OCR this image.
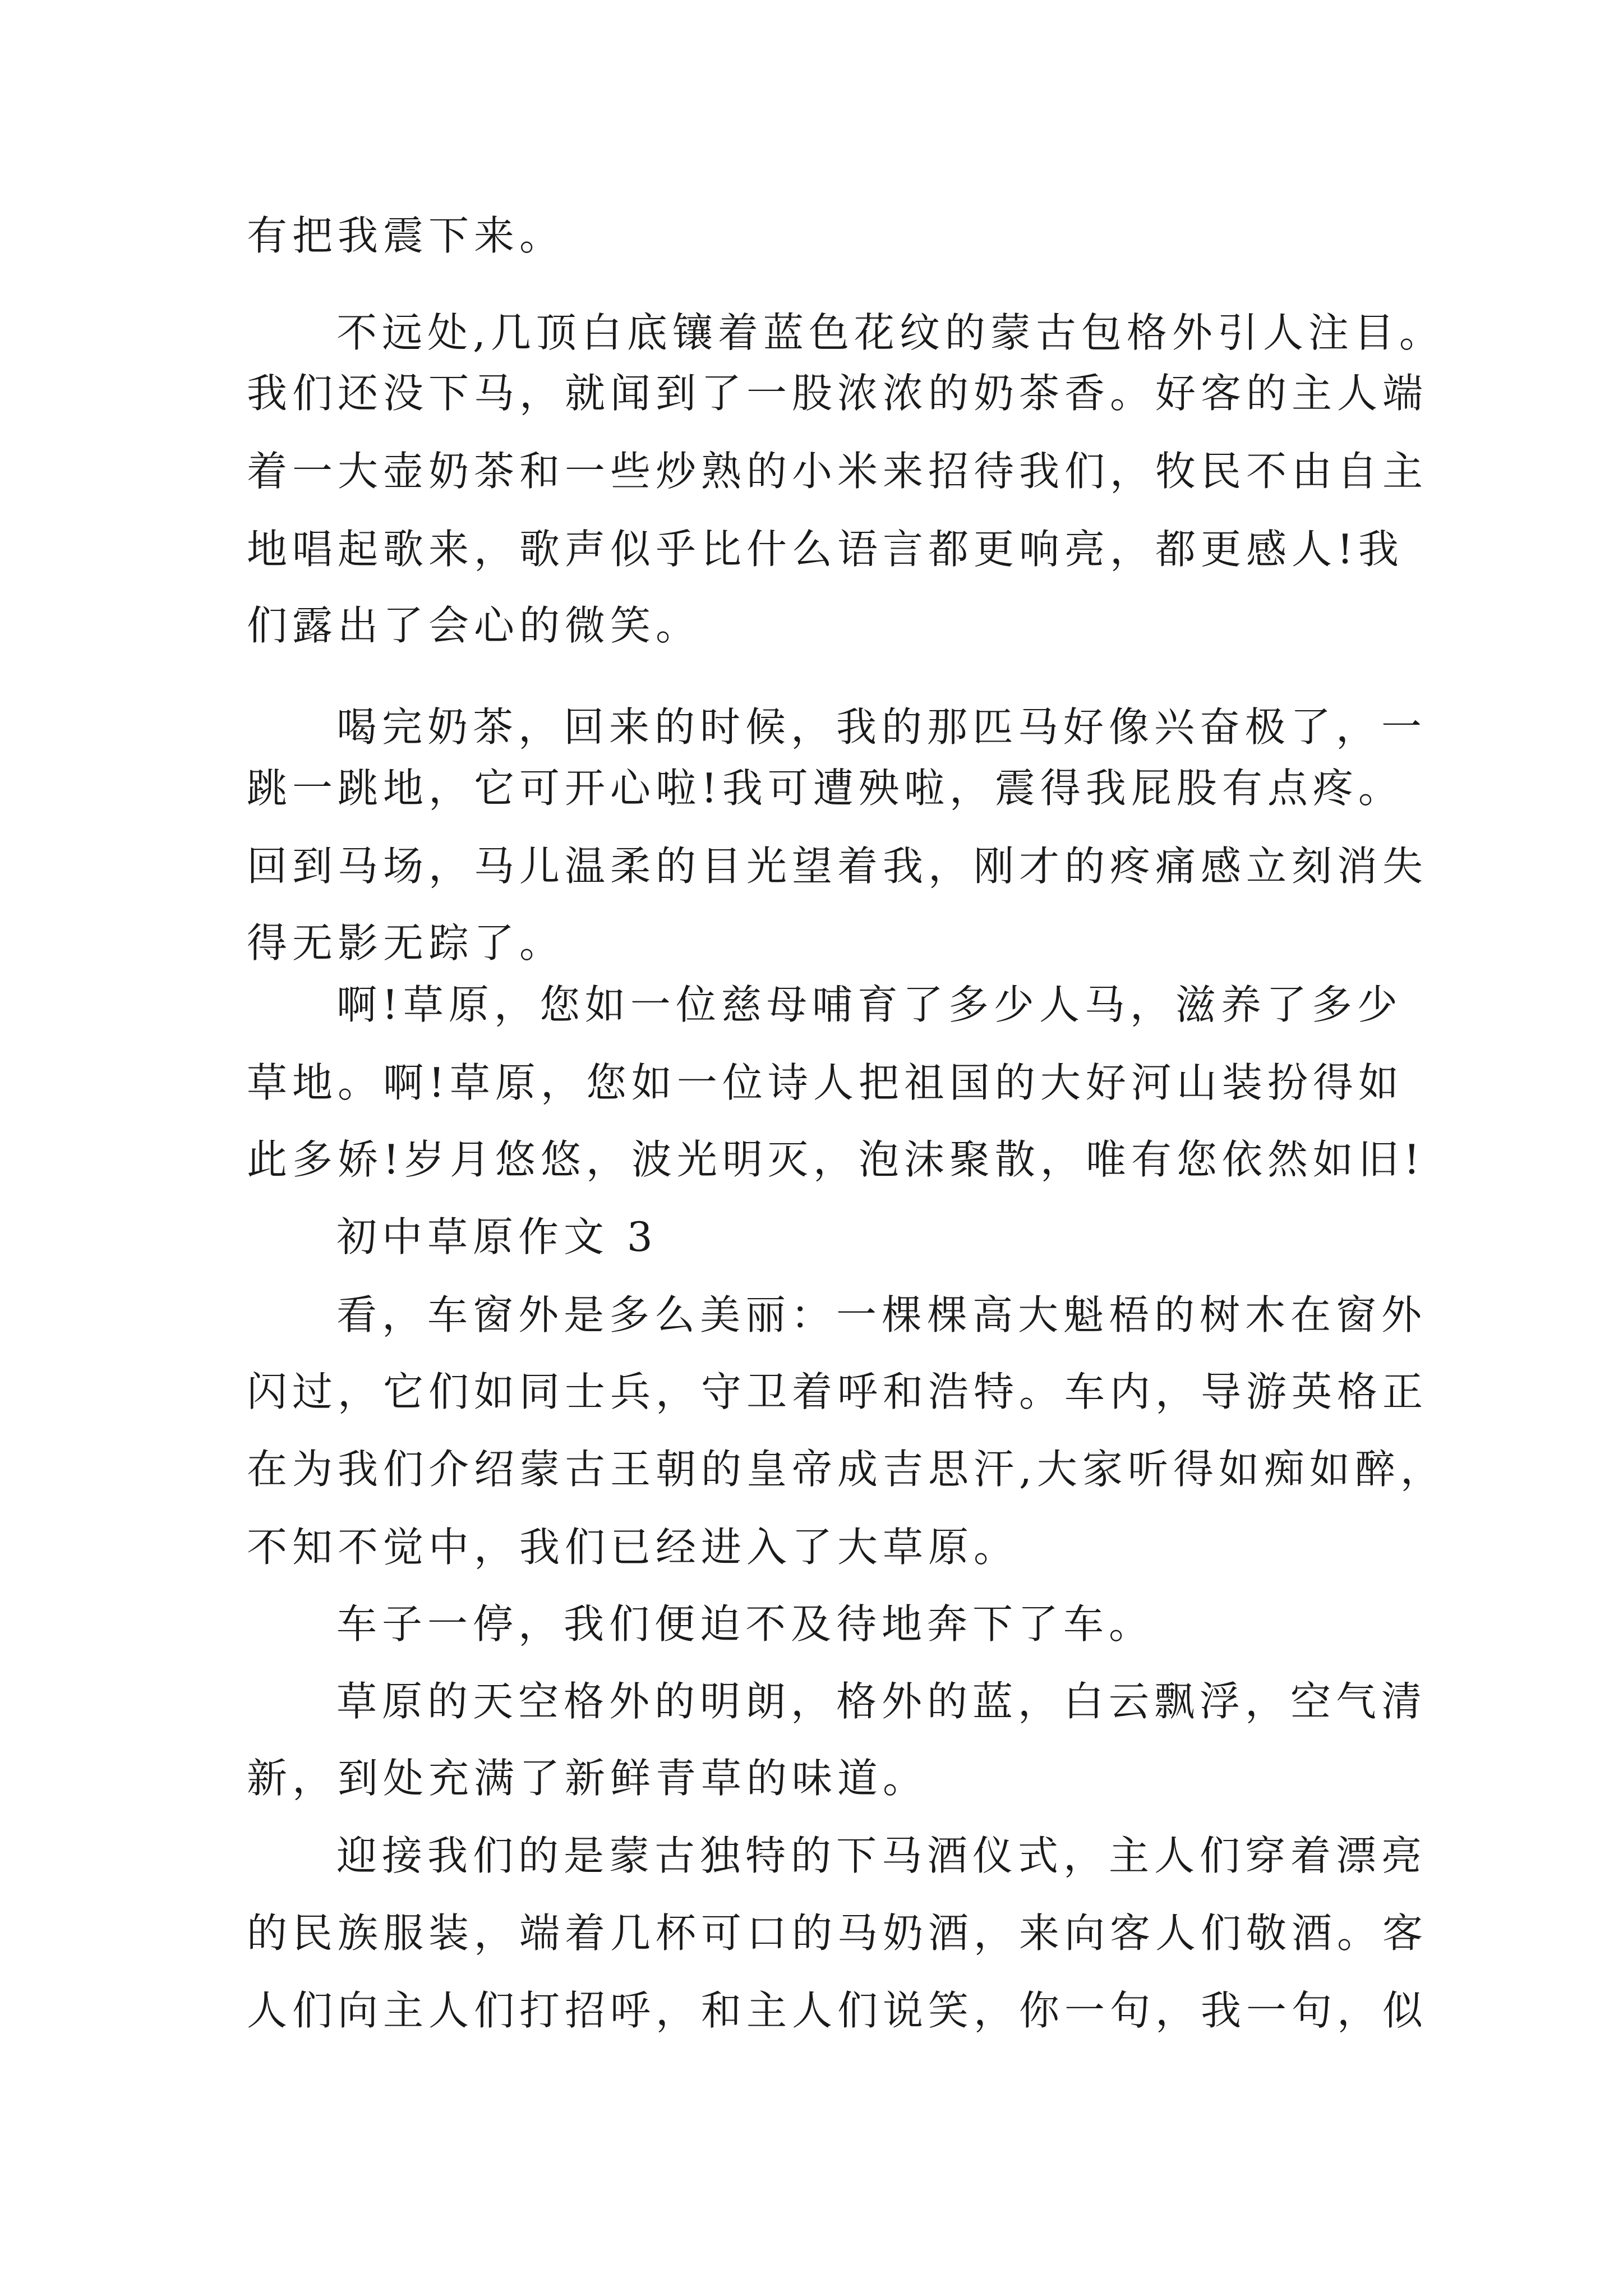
有把我震下来。
不远处,几顶白底镶着蓝色花纹的蒙古包格外引人注目。
我们还没下马，就闻到了一股浓浓的奶茶香。好客的主人端
着一大壶奶茶和一些炒熟的小米来招待我们，牧民不由自主
地唱起歌来，歌声似乎比什么语言都更响亮，都更感人!我
们露出了会心的微笑。
喝完奶茶，回来的时候，我的那匹马好像兴奋极了，一
跳一跳地，它可开心啦!我可遭殃啦，震得我屁股有点疼。
回到马场，马儿温柔的目光望着我，刚才的疼痛感立刻消失
得无影无踪了。
啊!草原，您如一位慈母哺育了多少人马，滋养了多少
草地。啊!草原，您如一位诗人把祖国的大好河山装扮得如
此多娇!岁月悠悠，波光明灭，泡沫聚散，唯有您依然如旧!
初中草原作文 3
看，车窗外是多么美丽：一棵棵高大魁梧的树木在窗外
闪过，它们如同士兵，守卫着呼和浩特。车内，导游英格正
在为我们介绍蒙古王朝的皇帝成吉思汗,大家听得如痴如醉，
不知不觉中，我们已经进入了大草原。
车子一停，我们便迫不及待地奔下了车。
草原的天空格外的明朗，格外的蓝，白云飘浮，空气清
新，到处充满了新鲜青草的味道。
迎接我们的是蒙古独特的下马酒仪式，主人们穿着漂亮
的民族服装，端着几杯可口的马奶酒，来向客人们敬酒。客
人们向主人们打招呼，和主人们说笑，你一句，我一句，似
